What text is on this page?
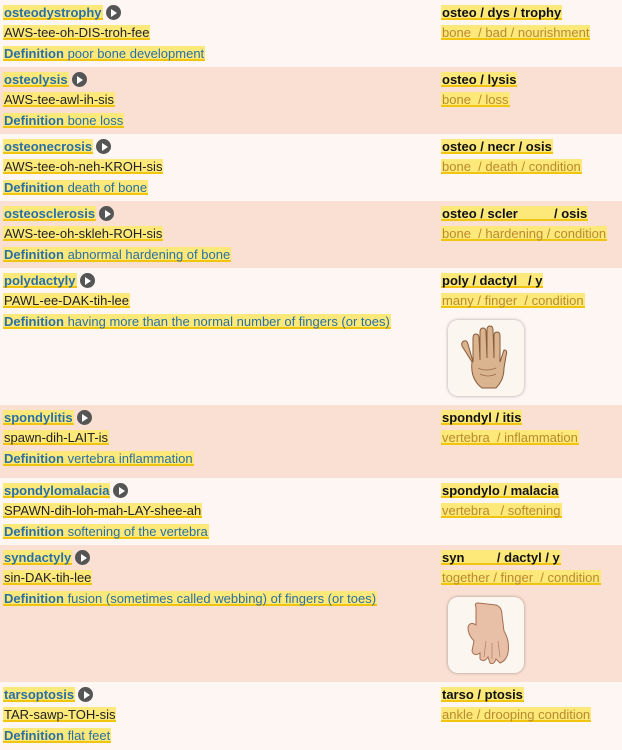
osteodystrophy
AWS-tee-oh-DIS-troh-fee
Definition poor bone development
osteo / dys / trophy
bone  / bad / nourishment
osteolysis
AWS-tee-awl-ih-sis
Definition bone loss
osteo / lysis
bone  / loss
osteonecrosis
AWS-tee-oh-neh-KROH-sis
Definition death of bone
osteo / necr / osis
bone  / death / condition
osteosclerosis
AWS-tee-oh-skleh-ROH-sis
Definition abnormal hardening of bone
osteo / scler          / osis
bone  / hardening / condition
polydactyly
PAWL-ee-DAK-tih-lee
Definition having more than the normal number of fingers (or toes)
poly / dactyl   / y
many / finger  / condition
spondylitis
spawn-dih-LAIT-is
Definition vertebra inflammation
spondyl / itis
vertebra  / inflammation
spondylomalacia
SPAWN-dih-loh-mah-LAY-shee-ah
Definition softening of the vertebra
spondylo / malacia
vertebra   / softening
syndactyly
sin-DAK-tih-lee
Definition fusion (sometimes called webbing) of fingers (or toes)
syn         / dactyl / y
together / finger  / condition
tarsoptosis
TAR-sawp-TOH-sis
Definition flat feet
tarso / ptosis
ankle / drooping condition
